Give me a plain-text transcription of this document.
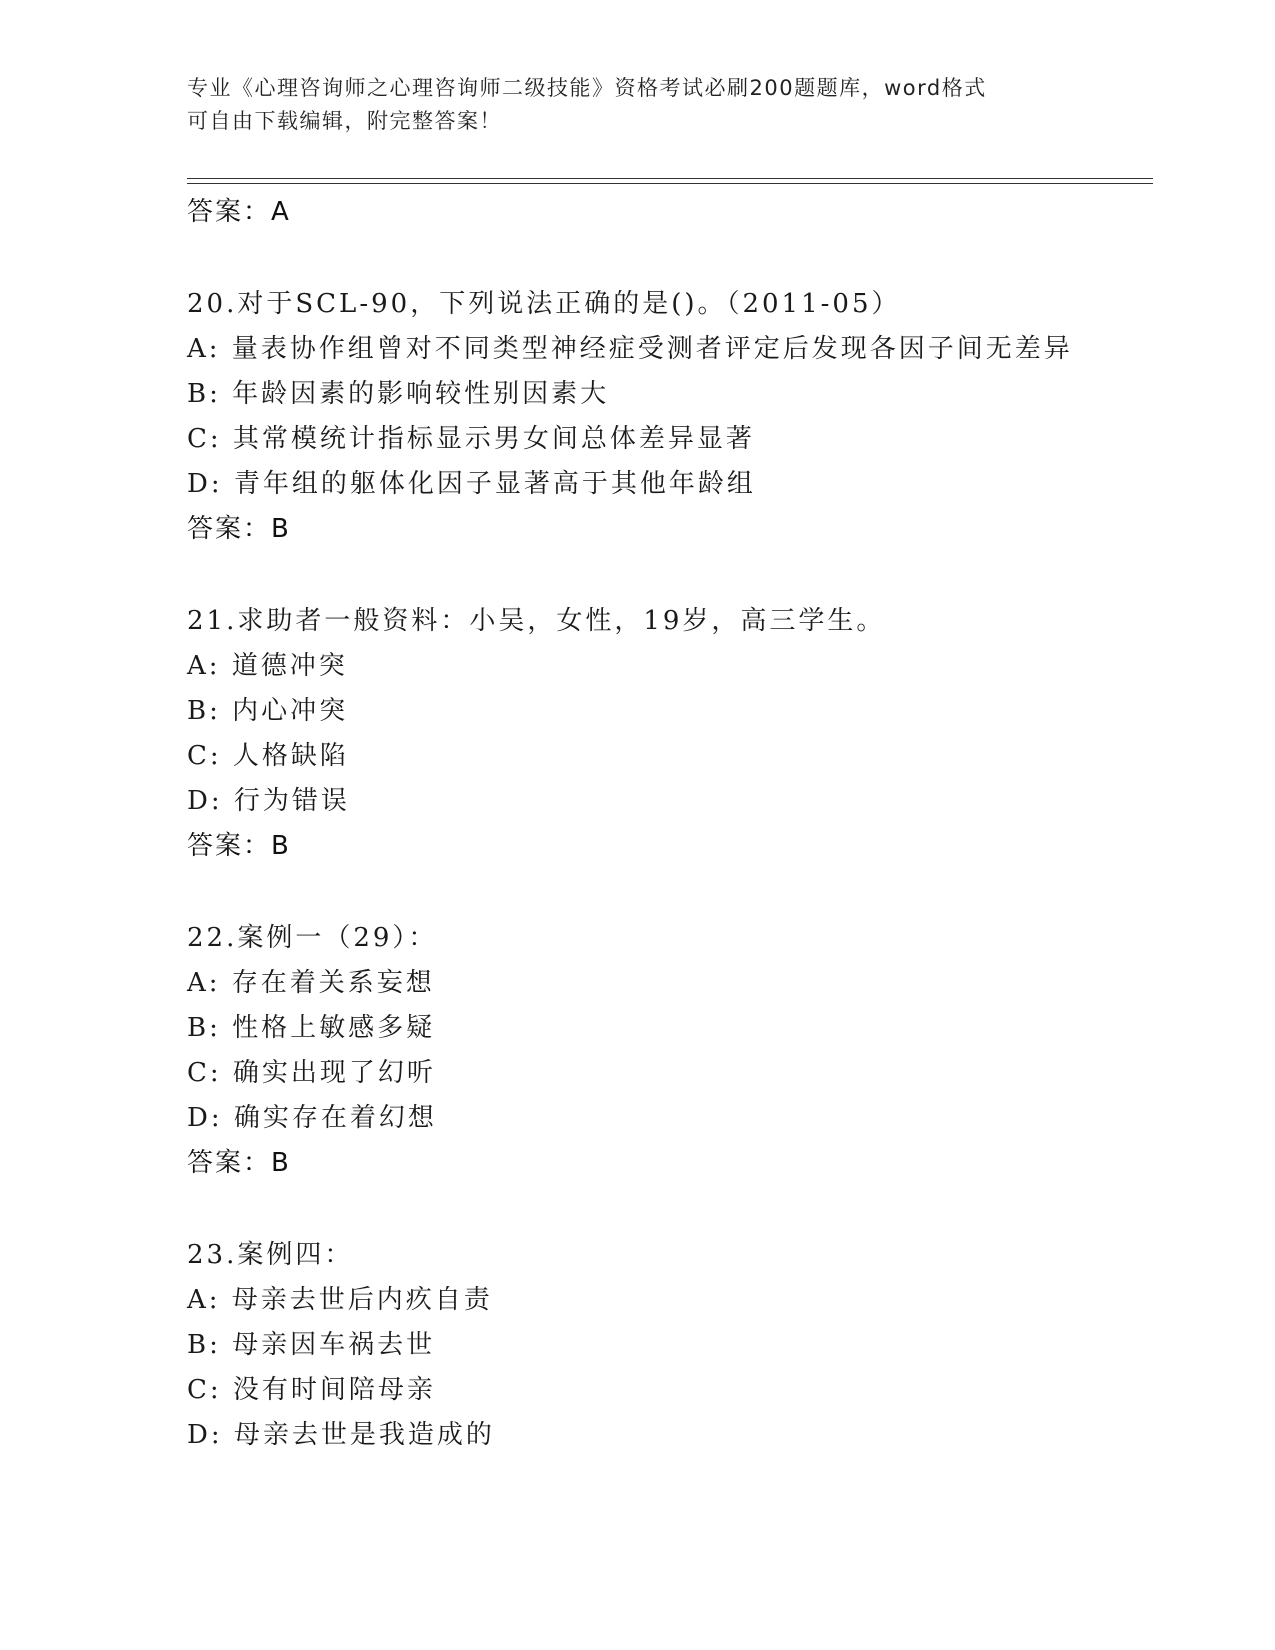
专业《心理咨询师之心理咨询师二级技能》资格考试必刷200题题库，word格式

可自由下载编辑，附完整答案！

答案：A
20.对于SCL-90，下列说法正确的是()。（2011-05）
A: 量表协作组曾对不同类型神经症受测者评定后发现各因子间无差异
B: 年龄因素的影响较性别因素大
C: 其常模统计指标显示男女间总体差异显著
D: 青年组的躯体化因子显著高于其他年龄组
答案：B
21.求助者一般资料：小吴，女性，19岁，高三学生。
A: 道德冲突
B: 内心冲突
C: 人格缺陷
D: 行为错误
答案：B
22.案例一（29）：
A: 存在着关系妄想
B: 性格上敏感多疑
C: 确实出现了幻听
D: 确实存在着幻想
答案：B
23.案例四：
A: 母亲去世后内疚自责
B: 母亲因车祸去世
C: 没有时间陪母亲
D: 母亲去世是我造成的
